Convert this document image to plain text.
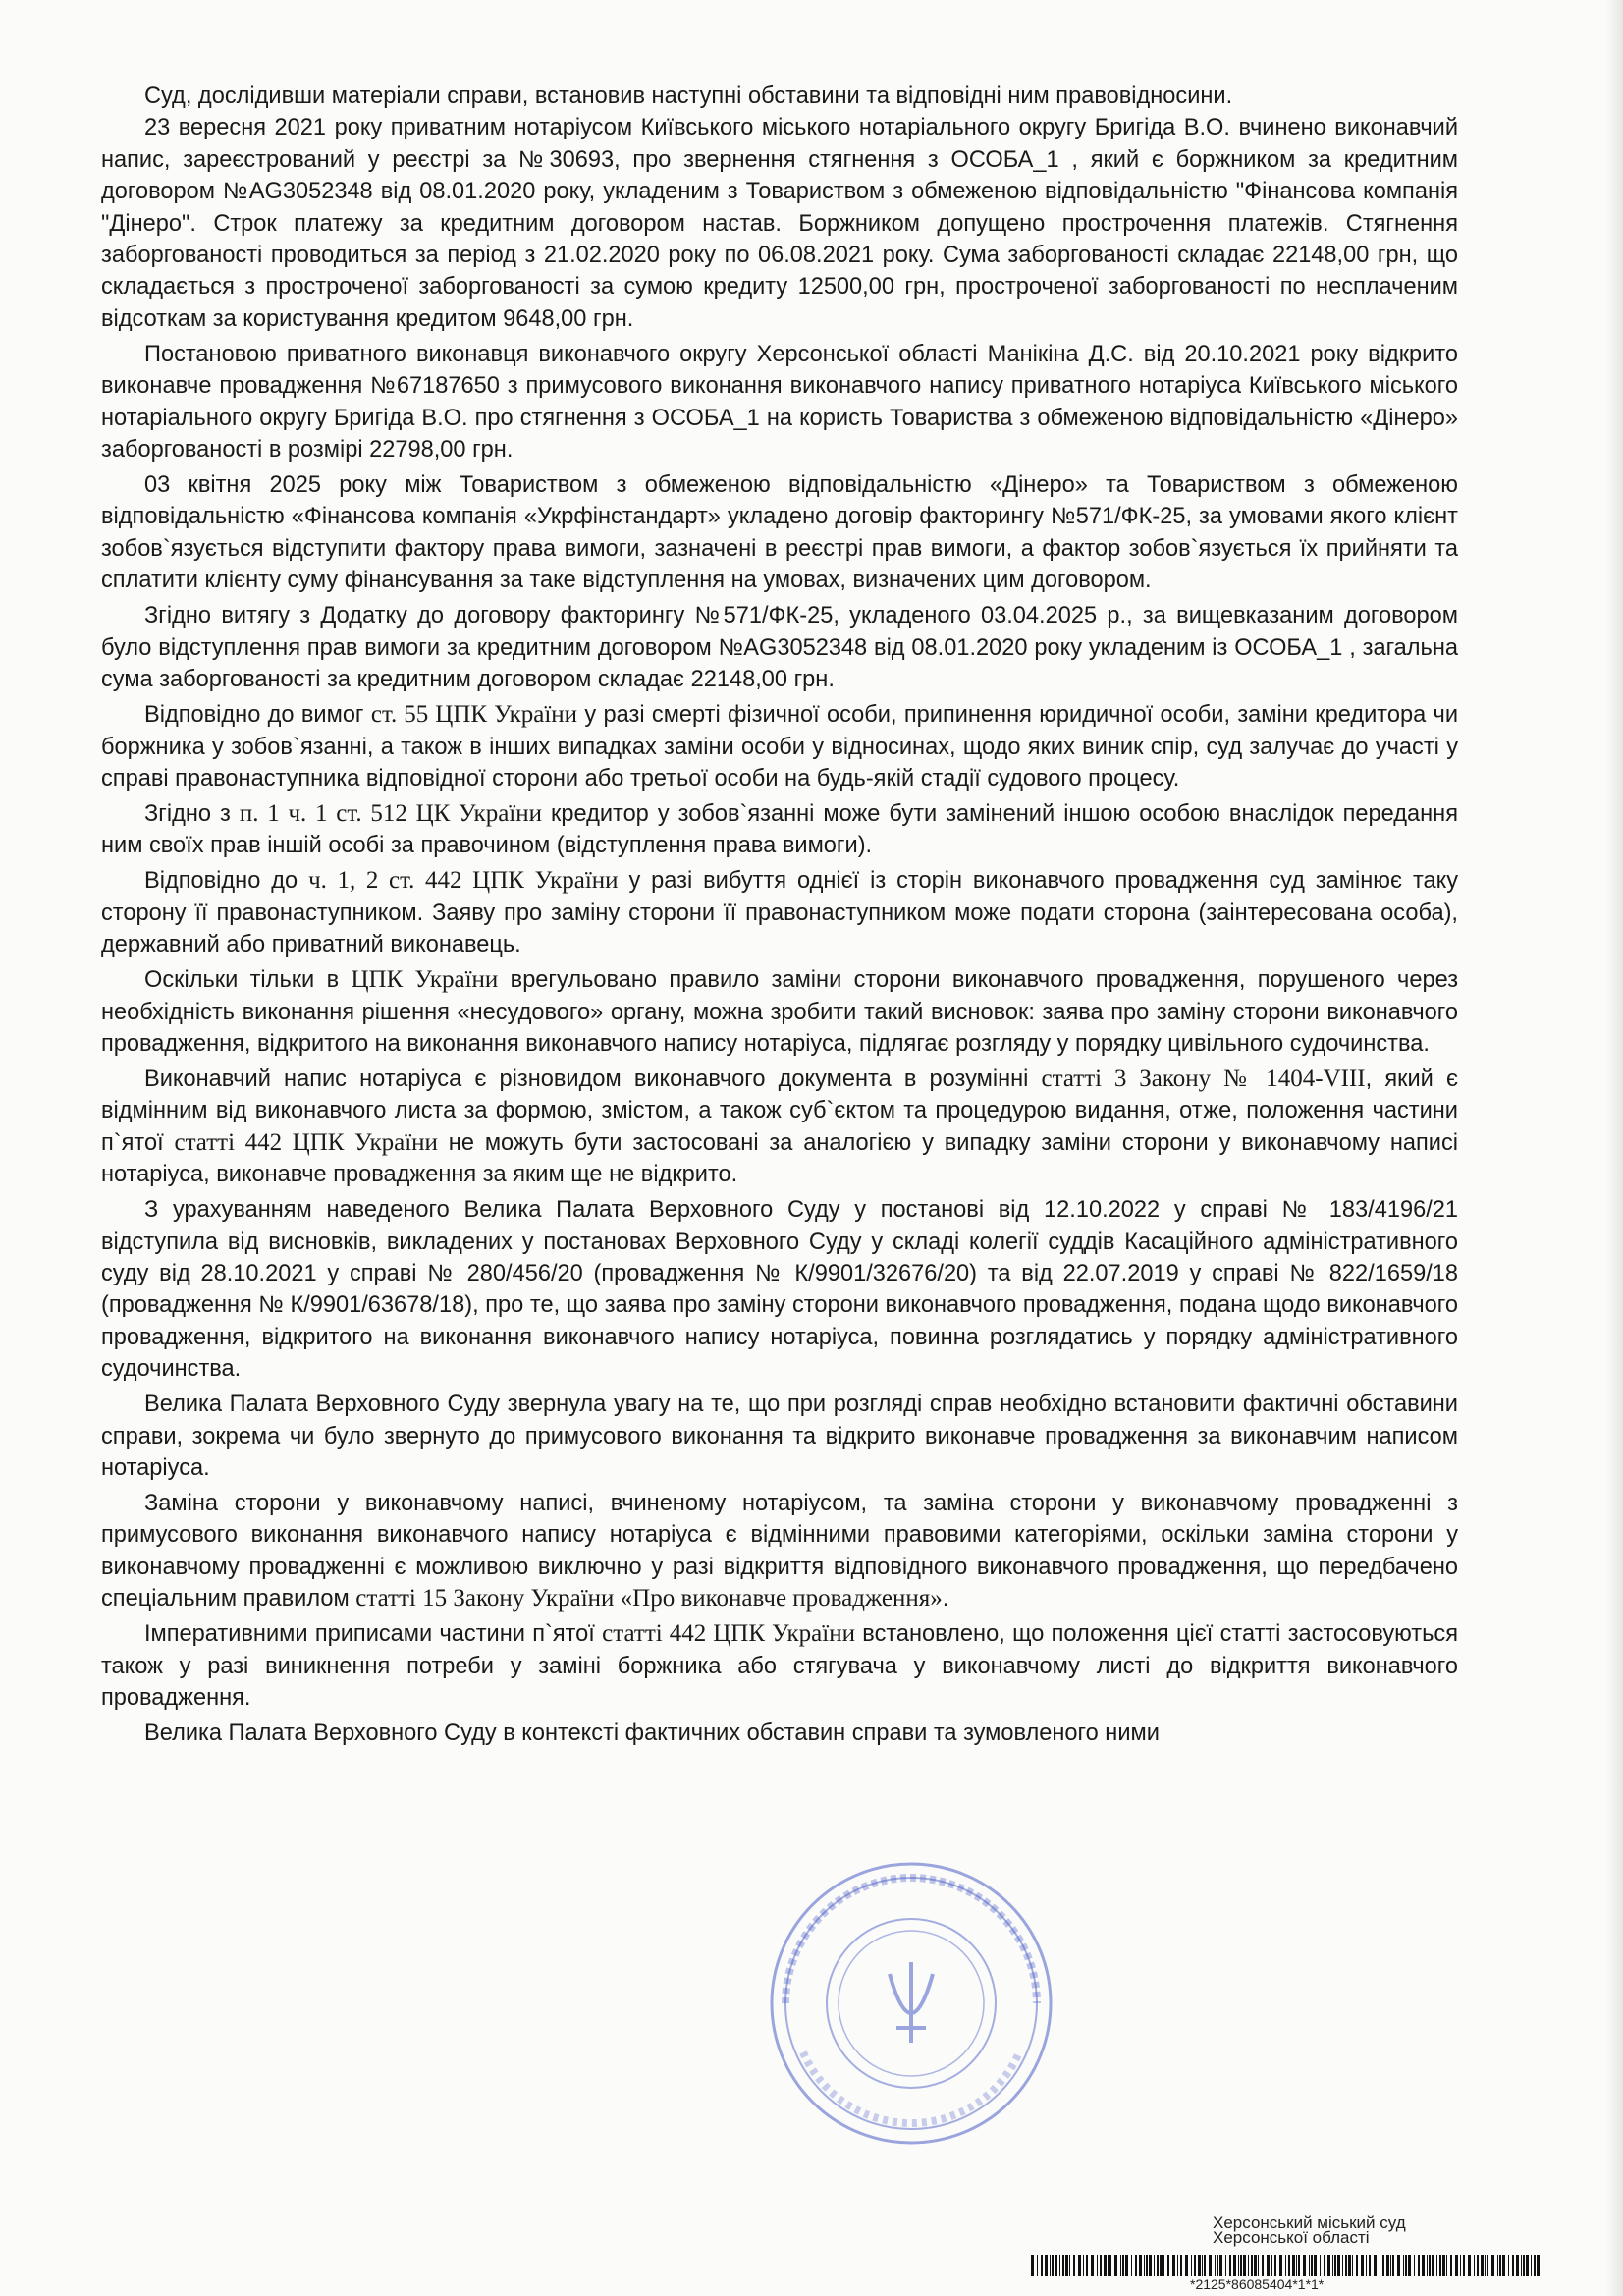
Суд, дослідивши матеріали справи, встановив наступні обставини та відповідні ним правовідносини.

23 вересня 2021 року приватним нотаріусом Київського міського нотаріального округу Бригіда В.О. вчинено виконавчий напис, зареєстрований у реєстрі за №30693, про звернення стягнення з ОСОБА_1 , який є боржником за кредитним договором №AG3052348 від 08.01.2020 року, укладеним з Товариством з обмеженою відповідальністю "Фінансова компанія "Дінеро". Строк платежу за кредитним договором настав. Боржником допущено прострочення платежів. Стягнення заборгованості проводиться за період з 21.02.2020 року по 06.08.2021 року. Сума заборгованості складає 22148,00 грн, що складається з простроченої заборгованості за сумою кредиту 12500,00 грн, простроченої заборгованості по несплаченим відсоткам за користування кредитом 9648,00 грн.

Постановою приватного виконавця виконавчого округу Херсонської області Манікіна Д.С. від 20.10.2021 року відкрито виконавче провадження №67187650 з примусового виконання виконавчого напису приватного нотаріуса Київського міського нотаріального округу Бригіда В.О. про стягнення з ОСОБА_1 на користь Товариства з обмеженою відповідальністю «Дінеро» заборгованості в розмірі 22798,00 грн.

03 квітня 2025 року між Товариством з обмеженою відповідальністю «Дінеро» та Товариством з обмеженою відповідальністю «Фінансова компанія «Укрфінстандарт» укладено договір факторингу №571/ФК-25, за умовами якого клієнт зобов`язується відступити фактору права вимоги, зазначені в реєстрі прав вимоги, а фактор зобов`язується їх прийняти та сплатити клієнту суму фінансування за таке відступлення на умовах, визначених цим договором.

Згідно витягу з Додатку до договору факторингу №571/ФК-25, укладеного 03.04.2025 р., за вищевказаним договором було відступлення прав вимоги за кредитним договором №AG3052348 від 08.01.2020 року укладеним із ОСОБА_1 , загальна сума заборгованості за кредитним договором складає 22148,00 грн.

Відповідно до вимог ст. 55 ЦПК України у разі смерті фізичної особи, припинення юридичної особи, заміни кредитора чи боржника у зобов`язанні, а також в інших випадках заміни особи у відносинах, щодо яких виник спір, суд залучає до участі у справі правонаступника відповідної сторони або третьої особи на будь-якій стадії судового процесу.

Згідно з п. 1 ч. 1 ст. 512 ЦК України кредитор у зобов`язанні може бути замінений іншою особою внаслідок передання ним своїх прав іншій особі за правочином (відступлення права вимоги).

Відповідно до ч. 1, 2 ст. 442 ЦПК України у разі вибуття однієї із сторін виконавчого провадження суд замінює таку сторону її правонаступником. Заяву про заміну сторони її правонаступником може подати сторона (заінтересована особа), державний або приватний виконавець.

Оскільки тільки в ЦПК України врегульовано правило заміни сторони виконавчого провадження, порушеного через необхідність виконання рішення «несудового» органу, можна зробити такий висновок: заява про заміну сторони виконавчого провадження, відкритого на виконання виконавчого напису нотаріуса, підлягає розгляду у порядку цивільного судочинства.

Виконавчий напис нотаріуса є різновидом виконавчого документа в розумінні статті 3 Закону № 1404-VIII, який є відмінним від виконавчого листа за формою, змістом, а також суб`єктом та процедурою видання, отже, положення частини п`ятої статті 442 ЦПК України не можуть бути застосовані за аналогією у випадку заміни сторони у виконавчому написі нотаріуса, виконавче провадження за яким ще не відкрито.

З урахуванням наведеного Велика Палата Верховного Суду у постанові від 12.10.2022 у справі № 183/4196/21 відступила від висновків, викладених у постановах Верховного Суду у складі колегії суддів Касаційного адміністративного суду від 28.10.2021 у справі № 280/456/20 (провадження № К/9901/32676/20) та від 22.07.2019 у справі № 822/1659/18 (провадження № К/9901/63678/18), про те, що заява про заміну сторони виконавчого провадження, подана щодо виконавчого провадження, відкритого на виконання виконавчого напису нотаріуса, повинна розглядатись у порядку адміністративного судочинства.

Велика Палата Верховного Суду звернула увагу на те, що при розгляді справ необхідно встановити фактичні обставини справи, зокрема чи було звернуто до примусового виконання та відкрито виконавче провадження за виконавчим написом нотаріуса.

Заміна сторони у виконавчому написі, вчиненому нотаріусом, та заміна сторони у виконавчому провадженні з примусового виконання виконавчого напису нотаріуса є відмінними правовими категоріями, оскільки заміна сторони у виконавчому провадженні є можливою виключно у разі відкриття відповідного виконавчого провадження, що передбачено спеціальним правилом статті 15 Закону України «Про виконавче провадження».

Імперативними приписами частини п`ятої статті 442 ЦПК України встановлено, що положення цієї статті застосовуються також у разі виникнення потреби у заміні боржника або стягувача у виконавчому листі до відкриття виконавчого провадження.

Велика Палата Верховного Суду в контексті фактичних обставин справи та зумовленого ними

Херсонський міський суд
Херсонської області
*2125*86085404*1*1*
